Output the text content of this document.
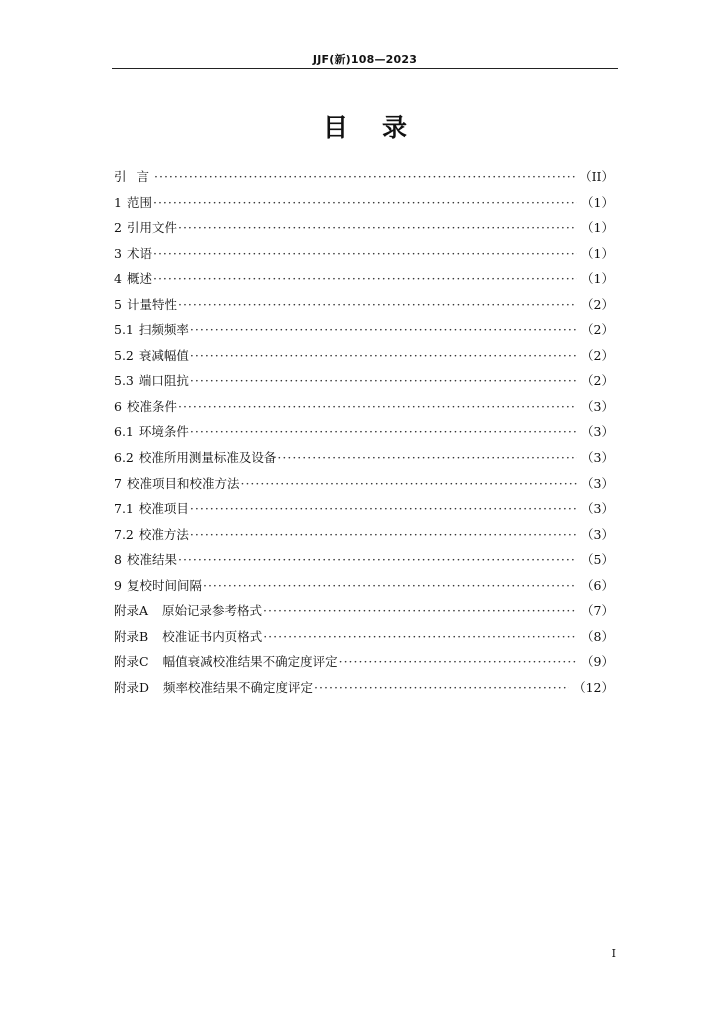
JJF(新)108—2023
目 录
引言 ·····	（II）
1 范围 ·····	（1）
2 引用文件 ·····	（1）
3 术语 ·····	（1）
4 概述 ·····	（1）
5 计量特性 ·····	（2）
5.1 扫频频率 ·····	（2）
5.2 衰减幅值 ·····	（2）
5.3 端口阻抗 ·····	（2）
6 校准条件 ·····	（3）
6.1 环境条件 ·····	（3）
6.2 校准所用测量标准及设备 ·····	（3）
7 校准项目和校准方法 ·····	（3）
7.1 校准项目 ·····	（3）
7.2 校准方法 ·····	（3）
8 校准结果 ·····	（5）
9 复校时间间隔 ·····	（6）
附录A 原始记录参考格式 ·····	（7）
附录B 校准证书内页格式 ·····	（8）
附录C 幅值衰减校准结果不确定度评定 ·····	（9）
附录D 频率校准结果不确定度评定 ·····	（12）
I
